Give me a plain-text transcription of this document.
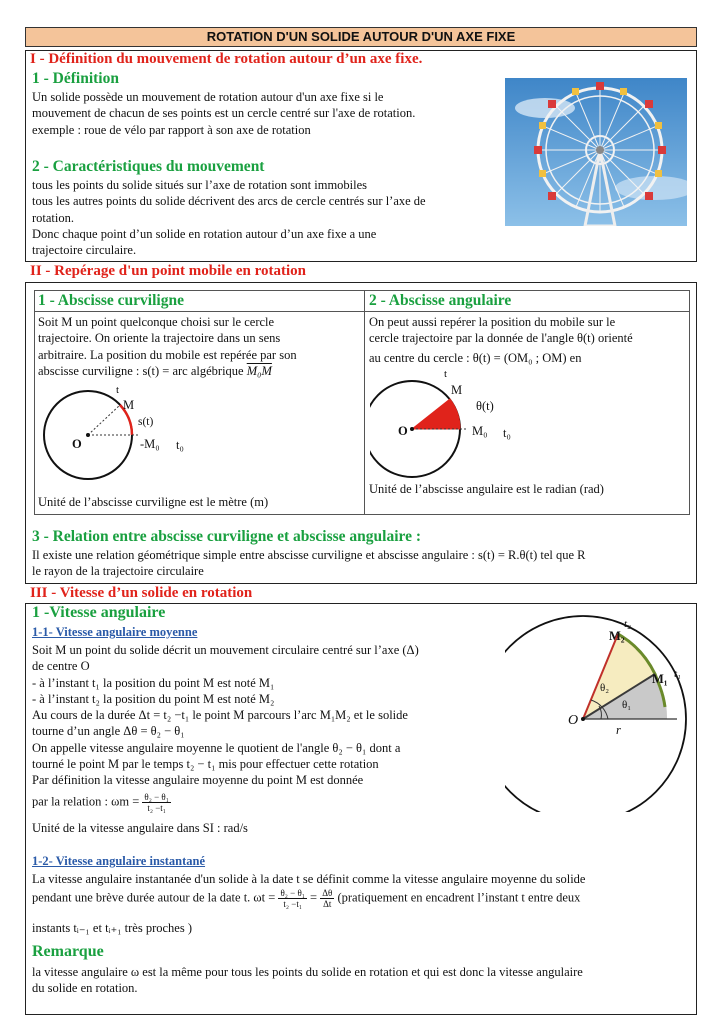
ROTATION D'UN SOLIDE AUTOUR D'UN AXE FIXE
I - Définition du mouvement de rotation autour d’un axe fixe.
1 - Définition
Un solide possède un mouvement de rotation autour d'un axe fixe si le
mouvement de chacun de ses points est un cercle centré sur l'axe de rotation.
exemple : roue de vélo par rapport à son axe de rotation
2 - Caractéristiques du mouvement
tous les points du solide situés sur l’axe de rotation sont immobiles
tous les autres points du solide décrivent des arcs de cercle centrés sur l’axe de
rotation.
Donc chaque point d’un solide en rotation autour d’un axe fixe a une
trajectoire circulaire.
II - Repérage d'un point mobile en rotation
1 - Abscisse curviligne
Soit M un point quelconque choisi sur le cercle
trajectoire. On oriente la trajectoire dans un sens
arbitraire. La position du mobile est repérée par son
abscisse curviligne : s(t) = arc algébrique M₀M
t
M
s(t)
O	-M₀ t₀
Unité de l’abscisse curviligne est le mètre (m)
2 - Abscisse angulaire
On peut aussi repérer la position du mobile sur le
cercle trajectoire par la donnée de l'angle θ(t) orienté
au centre du cercle : θ(t) = (OM₀ ; OM) en
t
M
θ(t)
O	M₀ t₀
Unité de l’abscisse angulaire est le radian (rad)
3 - Relation entre abscisse curviligne et abscisse angulaire :
Il existe une relation géométrique simple entre abscisse curviligne et abscisse angulaire : s(t) = R.θ(t) tel que R
le rayon de la trajectoire circulaire
III - Vitesse d’un solide en rotation
1 -Vitesse angulaire
1-1- Vitesse angulaire moyenne
Soit M un point du solide décrit un mouvement circulaire centré sur l’axe (Δ)
de centre O
- à l’instant t₁ la position du point M est noté M₁
- à l’instant t₂ la position du point M est noté M₂
Au cours de la durée Δt = t₂ −t₁ le point M parcours l’arc M₁M₂ et le solide
tourne d’un angle Δθ = θ₂ − θ₁
On appelle vitesse angulaire moyenne le quotient de l'angle θ₂ − θ₁ dont a
tourné le point M par le temps t₂ − t₁ mis pour effectuer cette rotation
Par définition la vitesse angulaire moyenne du point M est donnée
par la relation : $\omega m = \frac{\text{θ₂ − θ₁}}{\text{t₂ −t₁}}$
Unité de la vitesse angulaire dans SI : rad/s
t₂
M₂
M₁ t₁
θ₂
θ₁
O
r
1-2- Vitesse angulaire instantané
La vitesse angulaire instantanée d'un solide à la date t se définit comme la vitesse angulaire moyenne du solide
pendant une brève durée autour de la date t. $\omega t = \frac{\text{θ₂ − θ₁}}{\text{t₂ −t₁}} = \frac{\Delta\theta}{\Delta t}$ (pratiquement en encadrent l’instant t entre deux
instants tᵢ₋₁ et tᵢ₊₁ très proches )
Remarque
la vitesse angulaire ω est la même pour tous les points du solide en rotation et qui est donc la vitesse angulaire
du solide en rotation.
